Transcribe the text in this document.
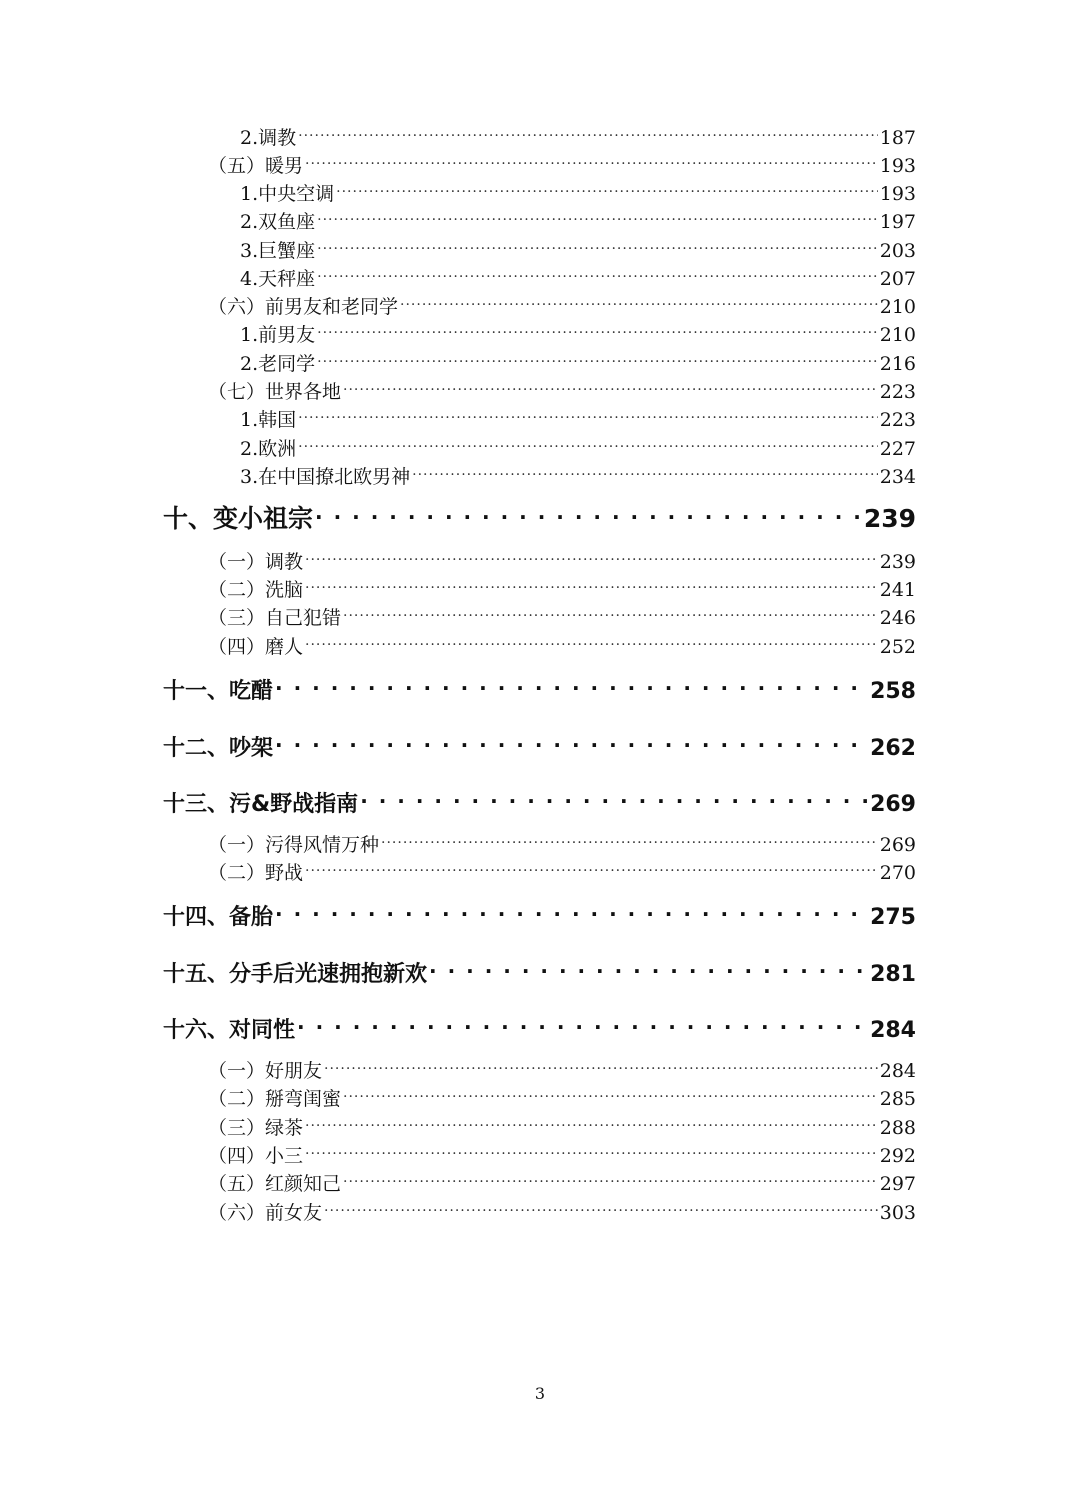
2.调教 .....	187
（五）暖男 .....	193
1.中央空调 .....	193
2.双鱼座 .....	197
3.巨蟹座 .....	203
4.天秤座 .....	207
（六）前男友和老同学 .....	210
1.前男友 .....	210
2.老同学 .....	216
（七）世界各地 .....	223
1.韩国 .....	223
2.欧洲 .....	227
3.在中国撩北欧男神 .....	234
十、变小祖宗 . . .	239
（一）调教 .....	239
（二）洗脑 .....	241
（三）自己犯错 .....	246
（四）磨人 .....	252
十一、吃醋 . . .	258
十二、吵架 . . .	262
十三、污&野战指南 . . .	269
（一）污得风情万种 .....	269
（二）野战 .....	270
十四、备胎 . . .	275
十五、分手后光速拥抱新欢 . . .	281
十六、对同性 . . .	284
（一）好朋友 .....	284
（二）掰弯闺蜜 .....	285
（三）绿茶 .....	288
（四）小三 .....	292
（五）红颜知己 .....	297
（六）前女友 .....	303
3
